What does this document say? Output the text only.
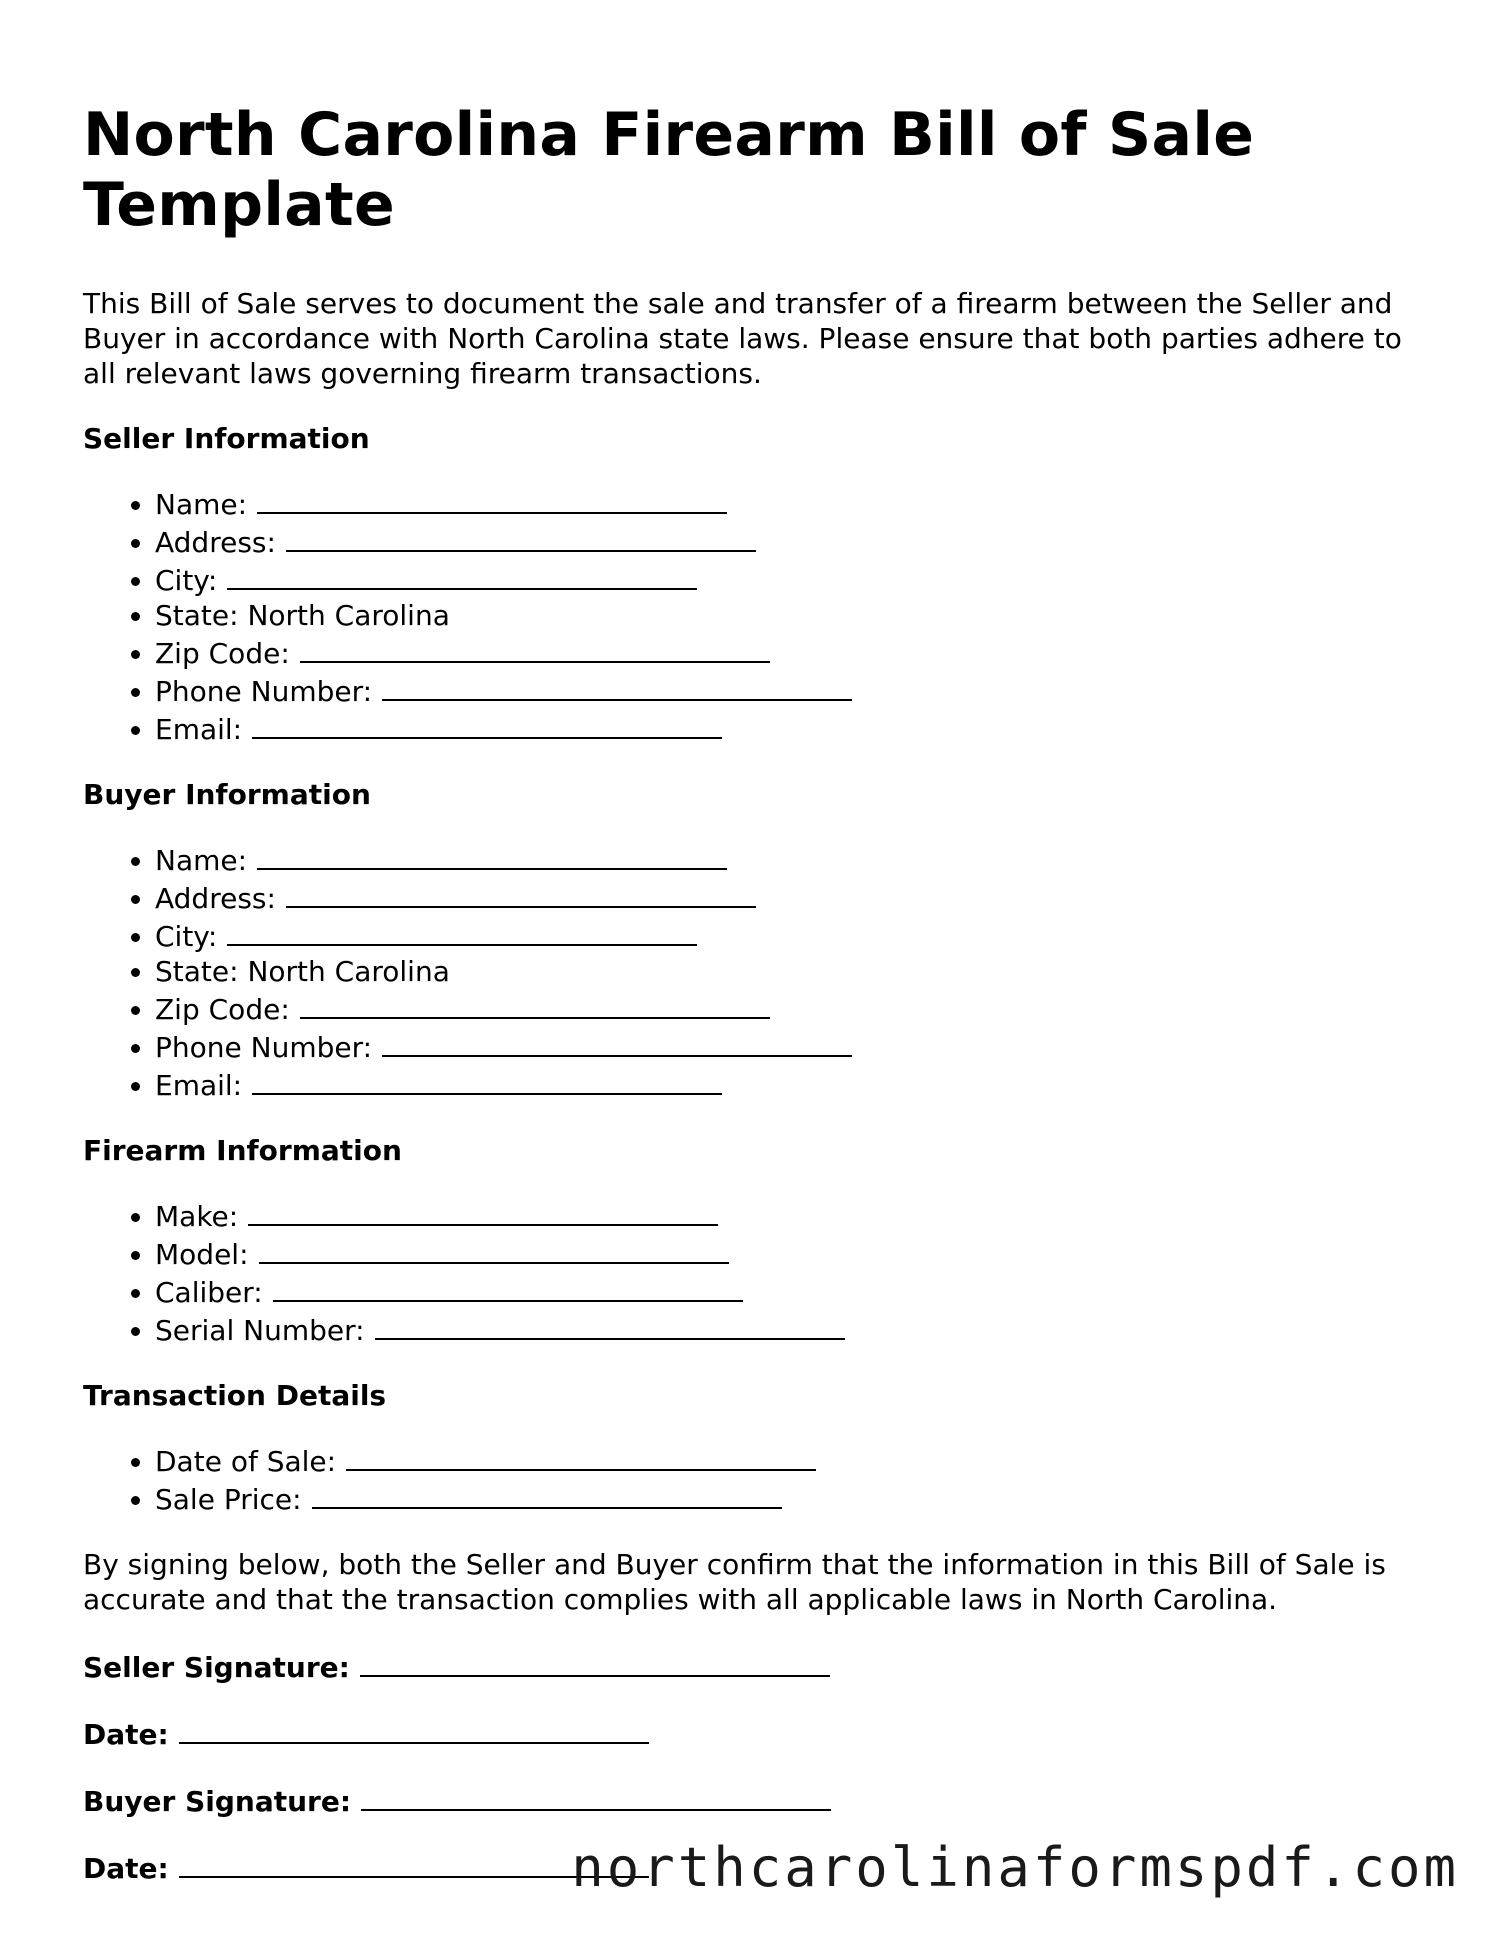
North Carolina Firearm Bill of Sale Template

This Bill of Sale serves to document the sale and transfer of a firearm between the Seller and Buyer in accordance with North Carolina state laws. Please ensure that both parties adhere to all relevant laws governing firearm transactions.

Seller Information
• Name:
• Address:
• City:
• State: North Carolina
• Zip Code:
• Phone Number:
• Email:
Buyer Information
• Name:
• Address:
• City:
• State: North Carolina
• Zip Code:
• Phone Number:
• Email:
Firearm Information
• Make:
• Model:
• Caliber:
• Serial Number:
Transaction Details
• Date of Sale:
• Sale Price:

By signing below, both the Seller and Buyer confirm that the information in this Bill of Sale is accurate and that the transaction complies with all applicable laws in North Carolina.

Seller Signature:

Date:

Buyer Signature:

Date:	northcarolinaformspdf.com
